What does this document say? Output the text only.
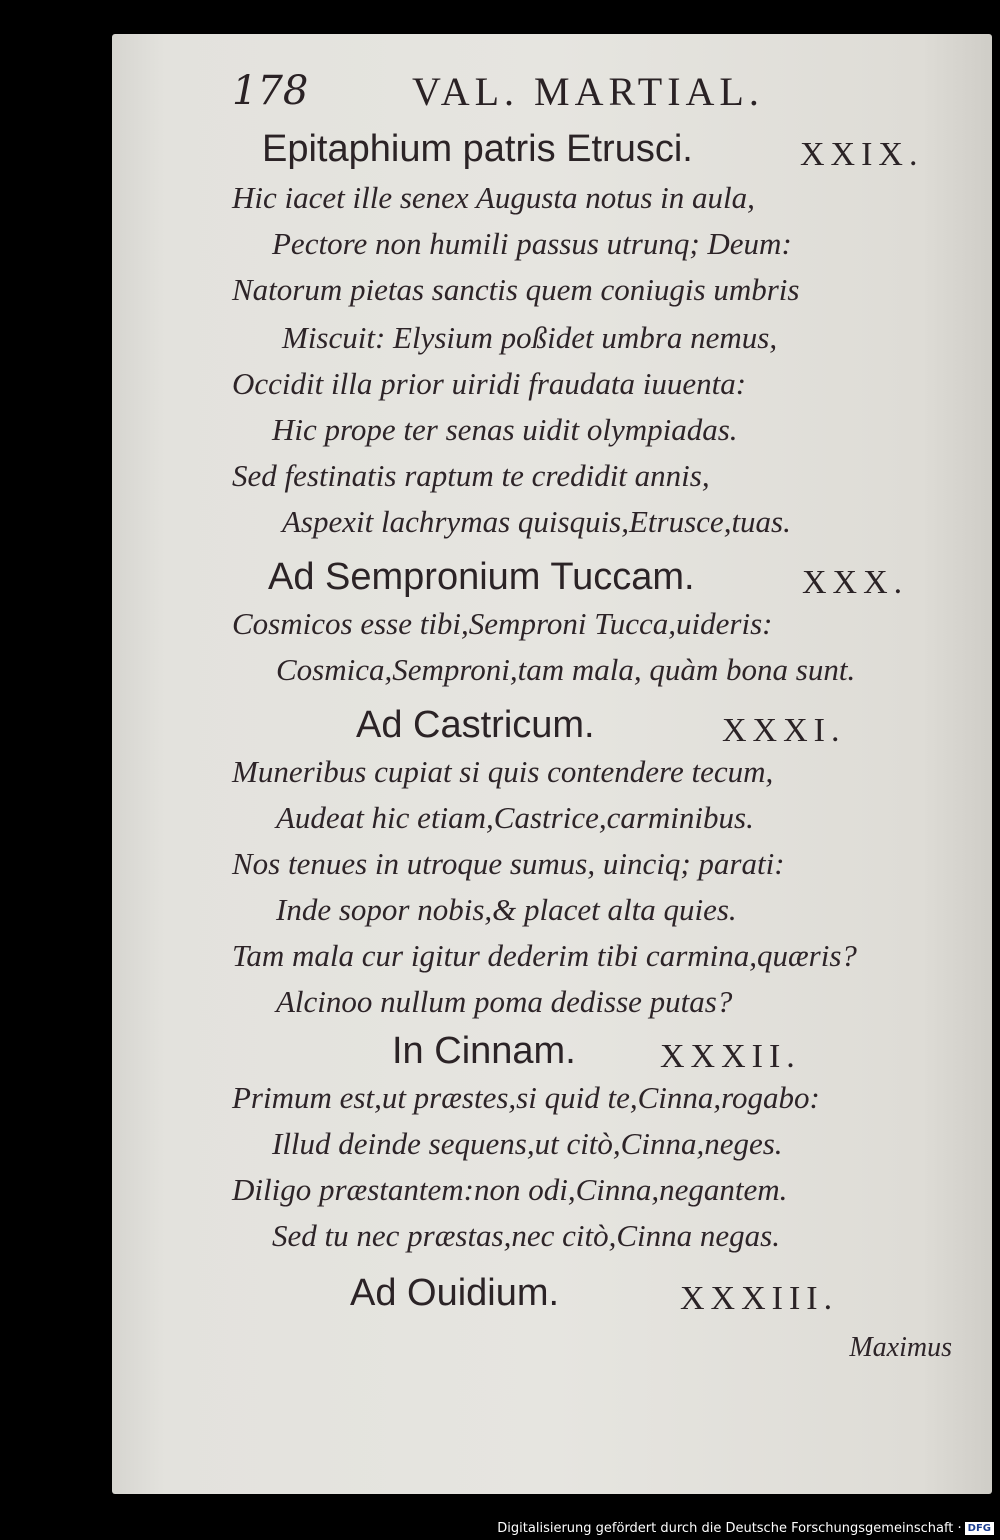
178	VAL. MARTIAL.
Epitaphium patris Etrusci.	XXIX.
Hic iacet ille senex Augusta notus in aula,
Pectore non humili passus utrunq; Deum:
Natorum pietas sanctis quem coniugis umbris
Miscuit: Elysium poßidet umbra nemus,
Occidit illa prior uiridi fraudata iuuenta:
Hic prope ter senas uidit olympiadas.
Sed festinatis raptum te credidit annis,
Aspexit lachrymas quisquis,Etrusce,tuas.
Ad Sempronium Tuccam.	XXX.
Cosmicos esse tibi,Semproni Tucca,uideris:
Cosmica,Semproni,tam mala, quàm bona sunt.
Ad Castricum.	XXXI.
Muneribus cupiat si quis contendere tecum,
Audeat hic etiam,Castrice,carminibus.
Nos tenues in utroque sumus, uinciq; parati:
Inde sopor nobis,& placet alta quies.
Tam mala cur igitur dederim tibi carmina,quæris?
Alcinoo nullum poma dedisse putas?
In Cinnam. XXXII.
Primum est,ut præstes,si quid te,Cinna,rogabo:
Illud deinde sequens,ut citò,Cinna,neges.
Diligo præstantem:non odi,Cinna,negantem.
Sed tu nec præstas,nec citò,Cinna negas.
Ad Ouidium.	XXXIII.
Maximus
Digitalisierung gefördert durch die Deutsche Forschungsgemeinschaft · DFG
